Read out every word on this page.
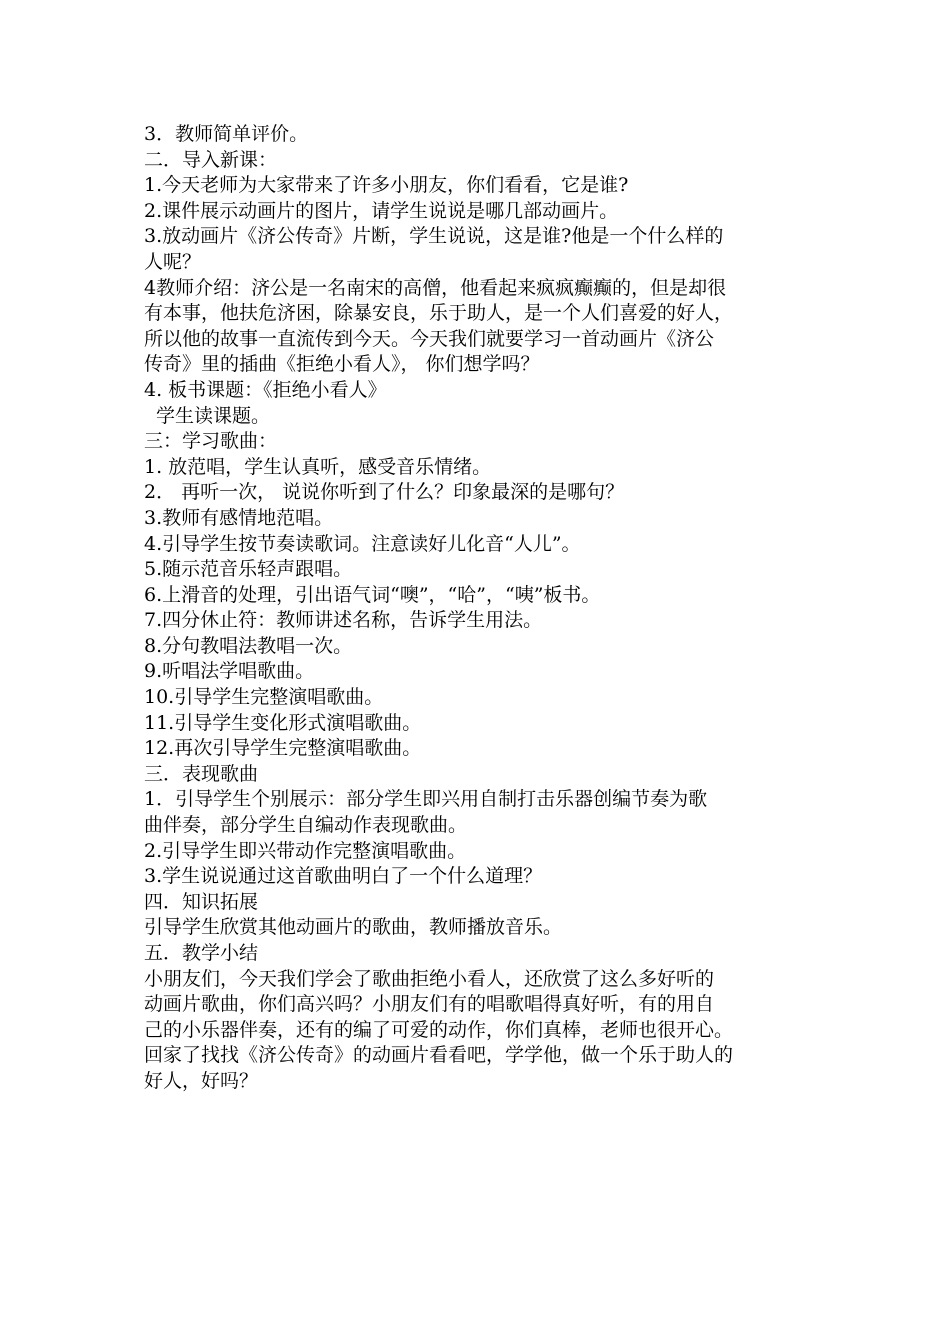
3．教师简单评价。

二．导入新课：

1.今天老师为大家带来了许多小朋友，你们看看，它是谁?

2.课件展示动画片的图片，请学生说说是哪几部动画片。

3.放动画片《济公传奇》片断，学生说说，这是谁?他是一个什么样的

人呢？

4教师介绍：济公是一名南宋的高僧，他看起来疯疯癫癫的，但是却很

有本事，他扶危济困，除暴安良，乐于助人，是一个人们喜爱的好人，

所以他的故事一直流传到今天。今天我们就要学习一首动画片《济公

传奇》里的插曲《拒绝小看人》， 你们想学吗？

4. 板书课题：《拒绝小看人》

学生读课题。

三：学习歌曲：

1. 放范唱，学生认真听，感受音乐情绪。

2． 再听一次， 说说你听到了什么？印象最深的是哪句？

3.教师有感情地范唱。

4.引导学生按节奏读歌词。注意读好儿化音“人儿”。

5.随示范音乐轻声跟唱。

6.上滑音的处理，引出语气词“噢”，“哈”，“咦”板书。

7.四分休止符：教师讲述名称，告诉学生用法。

8.分句教唱法教唱一次。

9.听唱法学唱歌曲。

10.引导学生完整演唱歌曲。

11.引导学生变化形式演唱歌曲。

12.再次引导学生完整演唱歌曲。

三．表现歌曲

1．引导学生个别展示：部分学生即兴用自制打击乐器创编节奏为歌

曲伴奏，部分学生自编动作表现歌曲。

2.引导学生即兴带动作完整演唱歌曲。

3.学生说说通过这首歌曲明白了一个什么道理？

四．知识拓展

引导学生欣赏其他动画片的歌曲，教师播放音乐。

五．教学小结

小朋友们，今天我们学会了歌曲拒绝小看人，还欣赏了这么多好听的

动画片歌曲，你们高兴吗？小朋友们有的唱歌唱得真好听，有的用自

己的小乐器伴奏，还有的编了可爱的动作，你们真棒，老师也很开心。

回家了找找《济公传奇》的动画片看看吧，学学他，做一个乐于助人的

好人，好吗？
